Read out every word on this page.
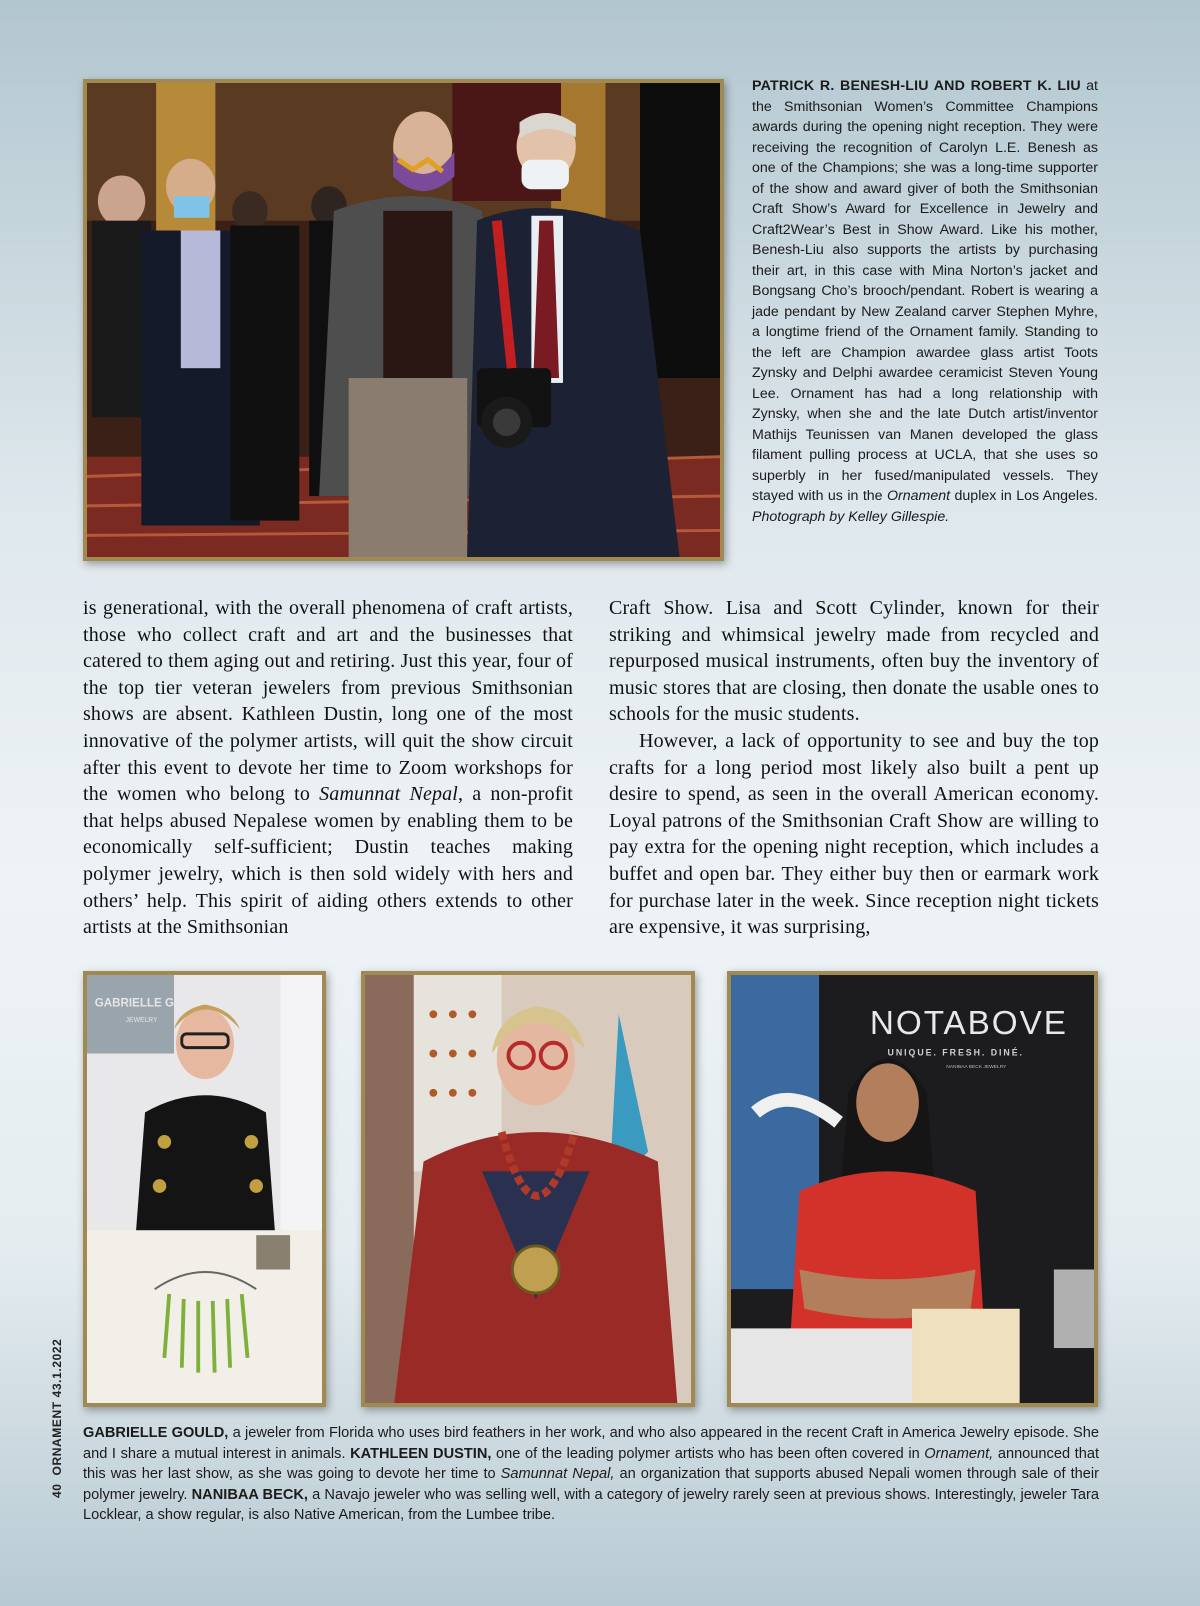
PATRICK R. BENESH-LIU AND ROBERT K. LIU at the Smithsonian Women’s Committee Champions awards during the opening night reception. They were receiving the recognition of Carolyn L.E. Benesh as one of the Champions; she was a long-time supporter of the show and award giver of both the Smithsonian Craft Show’s Award for Excellence in Jewelry and Craft2Wear’s Best in Show Award. Like his mother, Benesh-Liu also supports the artists by purchasing their art, in this case with Mina Norton’s jacket and Bongsang Cho’s brooch/pendant. Robert is wearing a jade pendant by New Zealand carver Stephen Myhre, a longtime friend of the Ornament family. Standing to the left are Champion awardee glass artist Toots Zynsky and Delphi awardee ceramicist Steven Young Lee. Ornament has had a long relationship with Zynsky, when she and the late Dutch artist/inventor Mathijs Teunissen van Manen developed the glass filament pulling process at UCLA, that she uses so superbly in her fused/manipulated vessels. They stayed with us in the Ornament duplex in Los Angeles. Photograph by Kelley Gillespie.

is generational, with the overall phenomena of craft artists, those who collect craft and art and the businesses that catered to them aging out and retiring. Just this year, four of the top tier veteran jewelers from previous Smithsonian shows are absent. Kathleen Dustin, long one of the most innovative of the polymer artists, will quit the show circuit after this event to devote her time to Zoom workshops for the women who belong to Samunnat Nepal, a non-profit that helps abused Nepalese women by enabling them to be economically self-sufficient; Dustin teaches making polymer jewelry, which is then sold widely with hers and others’ help. This spirit of aiding others extends to other artists at the Smithsonian

Craft Show. Lisa and Scott Cylinder, known for their striking and whimsical jewelry made from recycled and repurposed musical instruments, often buy the inventory of music stores that are closing, then donate the usable ones to schools for the music students.

However, a lack of opportunity to see and buy the top crafts for a long period most likely also built a pent up desire to spend, as seen in the overall American economy. Loyal patrons of the Smithsonian Craft Show are willing to pay extra for the opening night reception, which includes a buffet and open bar. They either buy then or earmark work for purchase later in the week. Since reception night tickets are expensive, it was surprising,

GABRIELLE G
JEWELRY	NOTABOVE
UNIQUE. FRESH. DINÉ.
NANIBAA BECK JEWELRY
GABRIELLE GOULD, a jeweler from Florida who uses bird feathers in her work, and who also appeared in the recent Craft in America Jewelry episode. She and I share a mutual interest in animals. KATHLEEN DUSTIN, one of the leading polymer artists who has been often covered in Ornament, announced that this was her last show, as she was going to devote her time to Samunnat Nepal, an organization that supports abused Nepali women through sale of their polymer jewelry. NANIBAA BECK, a Navajo jeweler who was selling well, with a category of jewelry rarely seen at previous shows. Interestingly, jeweler Tara Locklear, a show regular, is also Native American, from the Lumbee tribe.
40
ORNAMENT 43.1.2022
